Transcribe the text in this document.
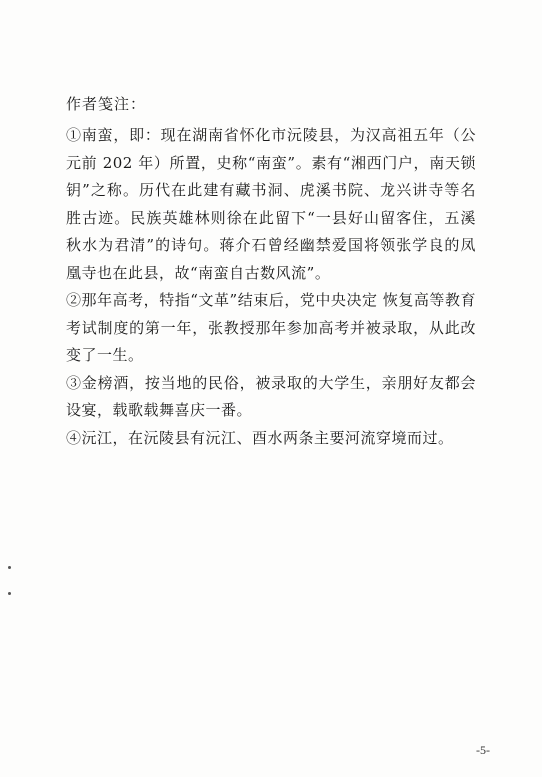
作者笺注：

①南蛮，即：现在湖南省怀化市沅陵县，为汉高祖五年（公元前 202 年）所置，史称“南蛮”。素有“湘西门户，南天锁钥”之称。历代在此建有藏书洞、虎溪书院、龙兴讲寺等名胜古迹。民族英雄林则徐在此留下“一县好山留客住，五溪秋水为君清”的诗句。蒋介石曾经幽禁爱国将领张学良的凤凰寺也在此县，故“南蛮自古数风流”。

②那年高考，特指“文革”结束后，党中央决定 恢复高等教育考试制度的第一年，张教授那年参加高考并被录取，从此改变了一生。

③金榜酒，按当地的民俗，被录取的大学生，亲朋好友都会设宴，载歌载舞喜庆一番。

④沅江，在沅陵县有沅江、酉水两条主要河流穿境而过。

-5-
